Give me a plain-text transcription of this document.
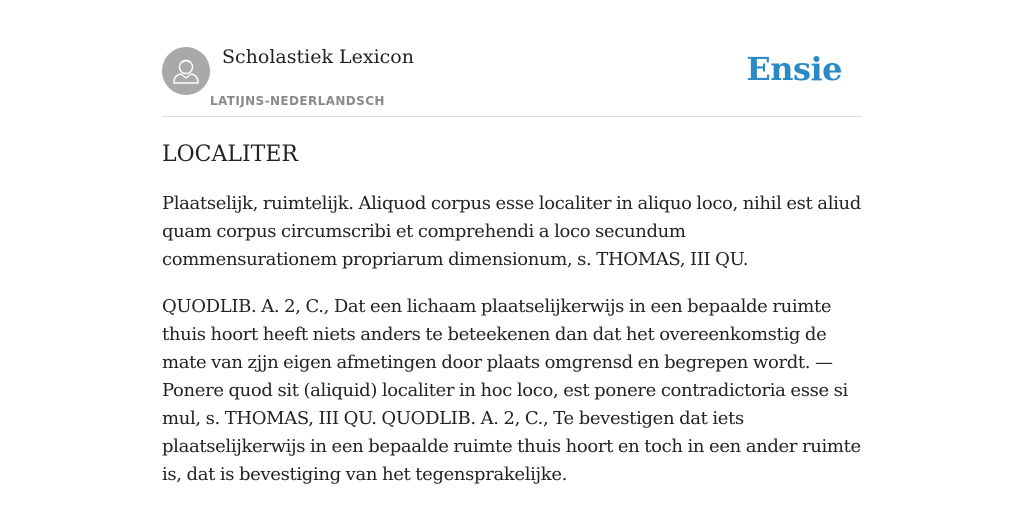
Scholastiek Lexicon
LATIJNS-NEDERLANDSCH
Ensie
LOCALITER

Plaatselijk, ruimtelijk. Aliquod corpus esse localiter in aliquo loco, nihil est aliud quam corpus circumscribi et comprehendi a loco secundum commensurationem propriarum dimensionum, s. THOMAS, III QU.

QUODLIB. A. 2, C., Dat een lichaam plaatselijkerwijs in een bepaalde ruimte thuis hoort heeft niets anders te beteekenen dan dat het overeenkomstig de mate van zjjn eigen afmetingen door plaats omgrensd en begrepen wordt. — Ponere quod sit (aliquid) localiter in hoc loco, est ponere contradictoria esse si mul, s. THOMAS, III QU. QUODLIB. A. 2, C., Te bevestigen dat iets plaatselijkerwijs in een bepaalde ruimte thuis hoort en toch in een ander ruimte is, dat is bevestiging van het tegensprakelijke.
